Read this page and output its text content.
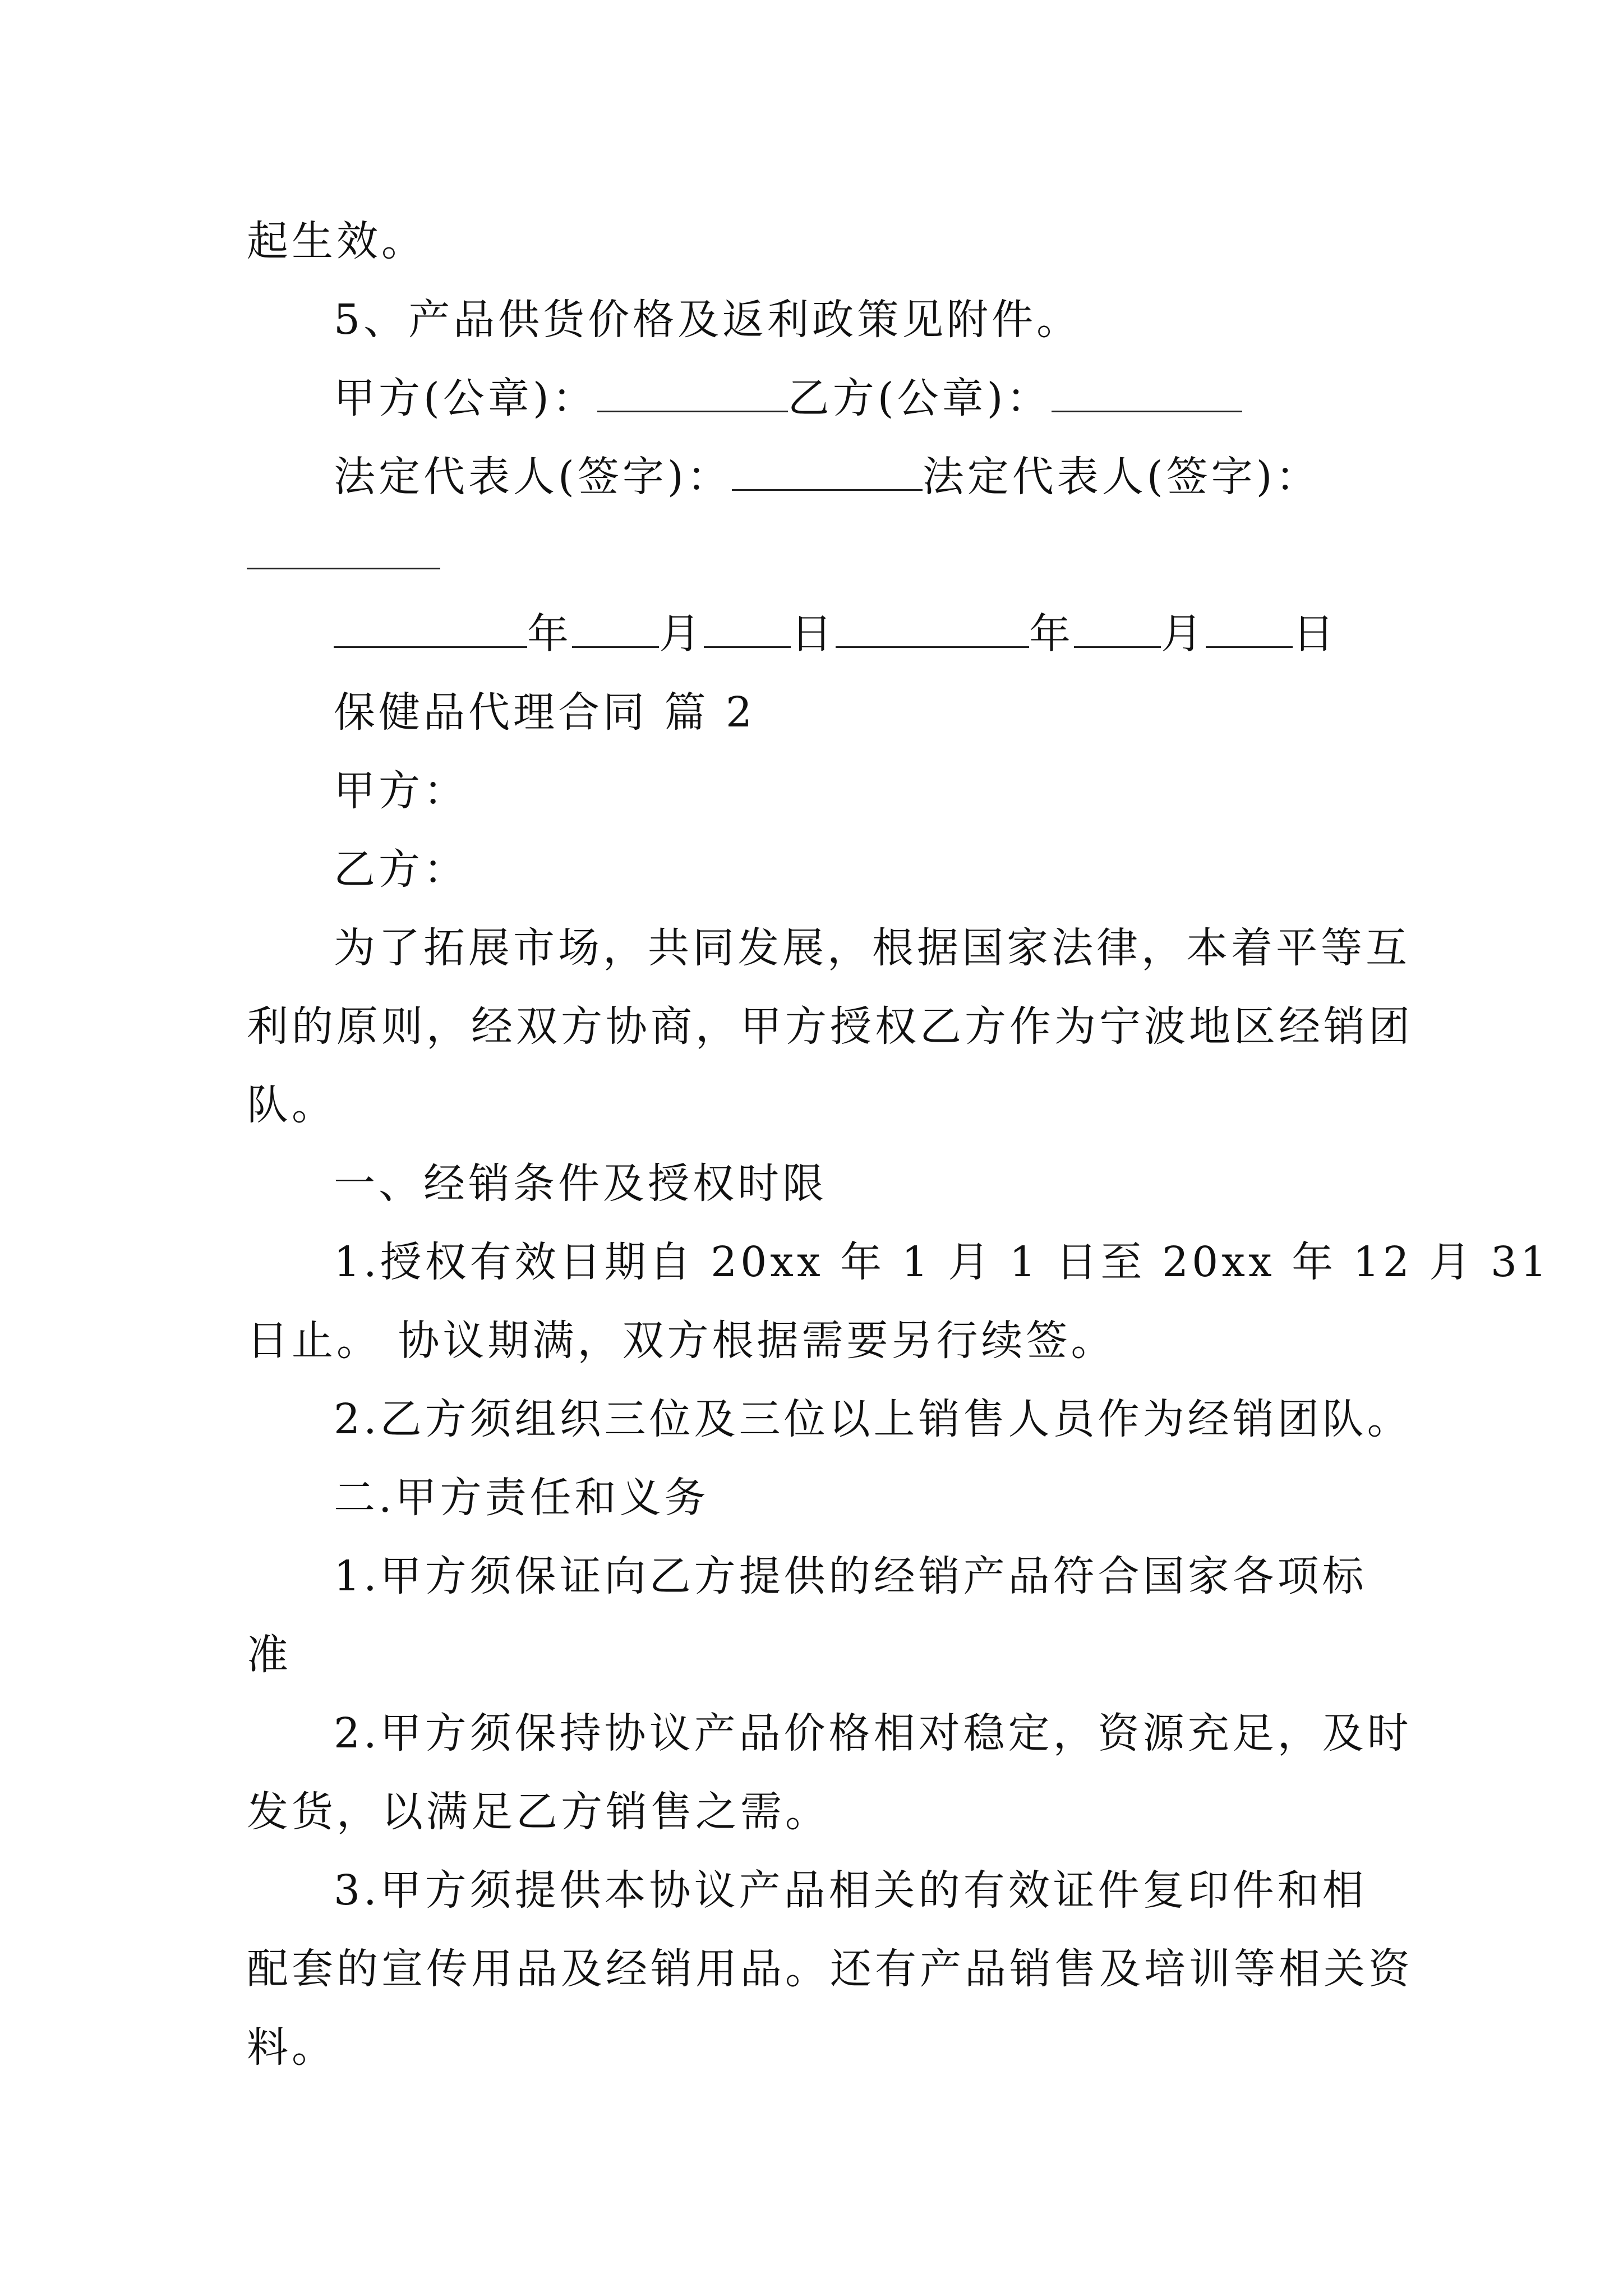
起生效。
5、产品供货价格及返利政策见附件。
甲方(公章)：	乙方(公章)：
法定代表人(签字)：	法定代表人(签字)：
年 月 日	年 月 日
保健品代理合同 篇 2
甲方：
乙方：
为了拓展市场，共同发展，根据国家法律，本着平等互
利的原则，经双方协商，甲方授权乙方作为宁波地区经销团
队。
一、经销条件及授权时限
1.授权有效日期自 20xx 年 1 月 1 日至 20xx 年 12 月 31
日止。 协议期满，双方根据需要另行续签。
2.乙方须组织三位及三位以上销售人员作为经销团队。
二.甲方责任和义务
1.甲方须保证向乙方提供的经销产品符合国家各项标
准
2.甲方须保持协议产品价格相对稳定，资源充足，及时
发货，以满足乙方销售之需。
3.甲方须提供本协议产品相关的有效证件复印件和相
配套的宣传用品及经销用品。还有产品销售及培训等相关资
料。
